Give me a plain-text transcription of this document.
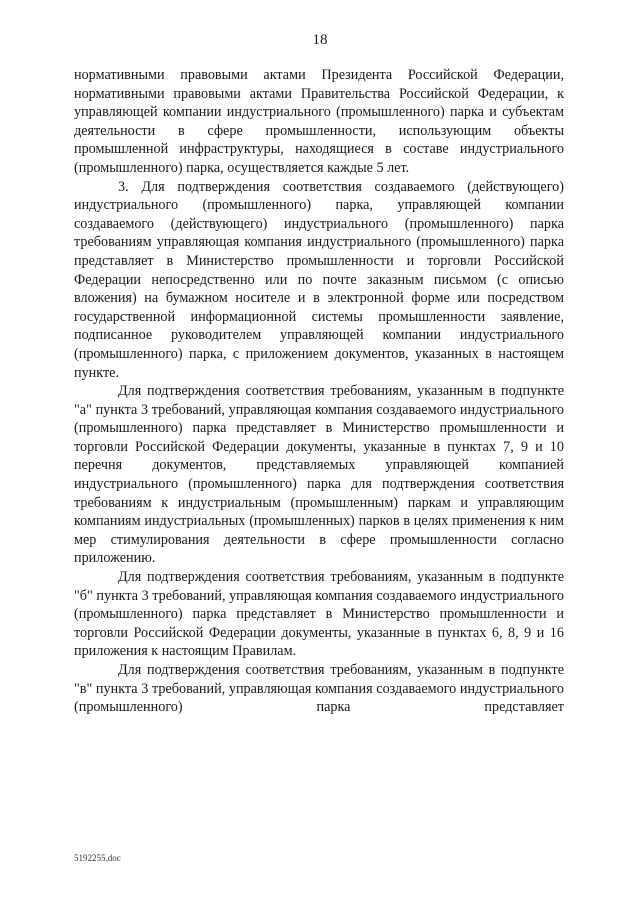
18

нормативными правовыми актами Президента Российской Федерации, нормативными правовыми актами Правительства Российской Федерации, к управляющей компании индустриального (промышленного) парка и субъектам деятельности в сфере промышленности, использующим объекты промышленной инфраструктуры, находящиеся в составе индустриального (промышленного) парка, осуществляется каждые 5 лет.

3. Для подтверждения соответствия создаваемого (действующего) индустриального (промышленного) парка, управляющей компании создаваемого (действующего) индустриального (промышленного) парка требованиям управляющая компания индустриального (промышленного) парка представляет в Министерство промышленности и торговли Российской Федерации непосредственно или по почте заказным письмом (с описью вложения) на бумажном носителе и в электронной форме или посредством государственной информационной системы промышленности заявление, подписанное руководителем управляющей компании индустриального (промышленного) парка, с приложением документов, указанных в настоящем пункте.

Для подтверждения соответствия требованиям, указанным в подпункте "а" пункта 3 требований, управляющая компания создаваемого индустриального (промышленного) парка представляет в Министерство промышленности и торговли Российской Федерации документы, указанные в пунктах 7, 9 и 10 перечня документов, представляемых управляющей компанией индустриального (промышленного) парка для подтверждения соответствия требованиям к индустриальным (промышленным) паркам и управляющим компаниям индустриальных (промышленных) парков в целях применения к ним мер стимулирования деятельности в сфере промышленности согласно приложению.

Для подтверждения соответствия требованиям, указанным в подпункте "б" пункта 3 требований, управляющая компания создаваемого индустриального (промышленного) парка представляет в Министерство промышленности и торговли Российской Федерации документы, указанные в пунктах 6, 8, 9 и 16 приложения к настоящим Правилам.

Для подтверждения соответствия требованиям, указанным в подпункте "в" пункта 3 требований, управляющая компания создаваемого индустриального (промышленного) парка представляет

5192255.doc
